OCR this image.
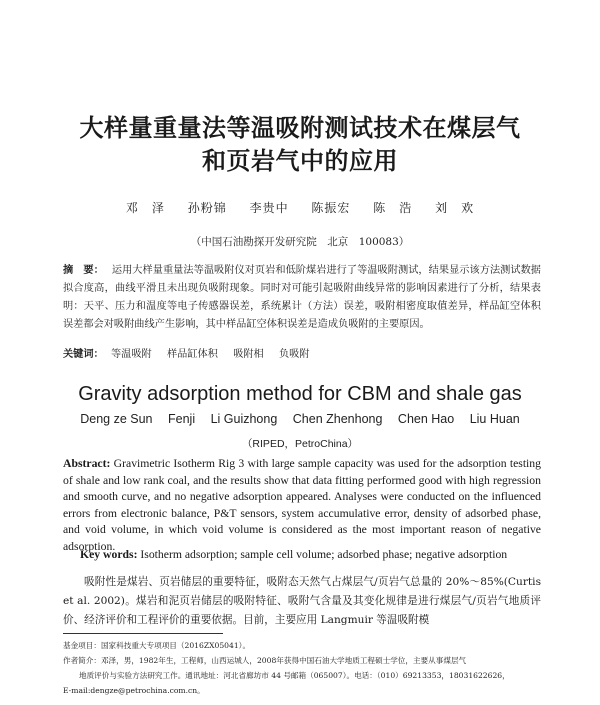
大样量重量法等温吸附测试技术在煤层气
和页岩气中的应用
邓　泽 孙粉锦 李贵中 陈振宏 陈　浩 刘　欢
（中国石油勘探开发研究院　北京　100083）
摘　要： 运用大样量重量法等温吸附仪对页岩和低阶煤岩进行了等温吸附测试，结果显示该方法测试数据拟合度高，曲线平滑且未出现负吸附现象。同时对可能引起吸附曲线异常的影响因素进行了分析，结果表明：天平、压力和温度等电子传感器误差，系统累计（方法）误差，吸附相密度取值差异，样品缸空体积误差都会对吸附曲线产生影响，其中样品缸空体积误差是造成负吸附的主要原因。
关键词： 等温吸附 样品缸体积 吸附相 负吸附
Gravity adsorption method for CBM and shale gas
Deng ze Sun Fenji Li Guizhong Chen Zhenhong Chen Hao Liu Huan
（RIPED，PetroChina）

Abstract: Gravimetric Isotherm Rig 3 with large sample capacity was used for the adsorption testing of shale and low rank coal, and the results show that data fitting performed good with high regression and smooth curve, and no negative adsorption appeared. Analyses were conducted on the influenced errors from electronic balance, P&T sensors, system accumulative error, density of adsorbed phase, and void volume, in which void volume is considered as the most important reason of negative adsorption.

Key words: Isotherm adsorption; sample cell volume; adsorbed phase; negative adsorption

吸附性是煤岩、页岩储层的重要特征，吸附态天然气占煤层气/页岩气总量的 20%～85%(Curtis et al. 2002)。煤岩和泥页岩储层的吸附特征、吸附气含量及其变化规律是进行煤层气/页岩气地质评价、经济评价和工程评价的重要依据。目前，主要应用 Langmuir 等温吸附模

基金项目：国家科技重大专项项目（2016ZX05041）。
作者简介：邓泽，男，1982年生，工程师，山西运城人，2008年获得中国石油大学地质工程硕士学位，主要从事煤层气
地质评价与实验方法研究工作。通讯地址：河北省廊坊市 44 号邮箱（065007）。电话：（010）69213353，18031622626，
E-mail:dengze@petrochina.com.cn。
